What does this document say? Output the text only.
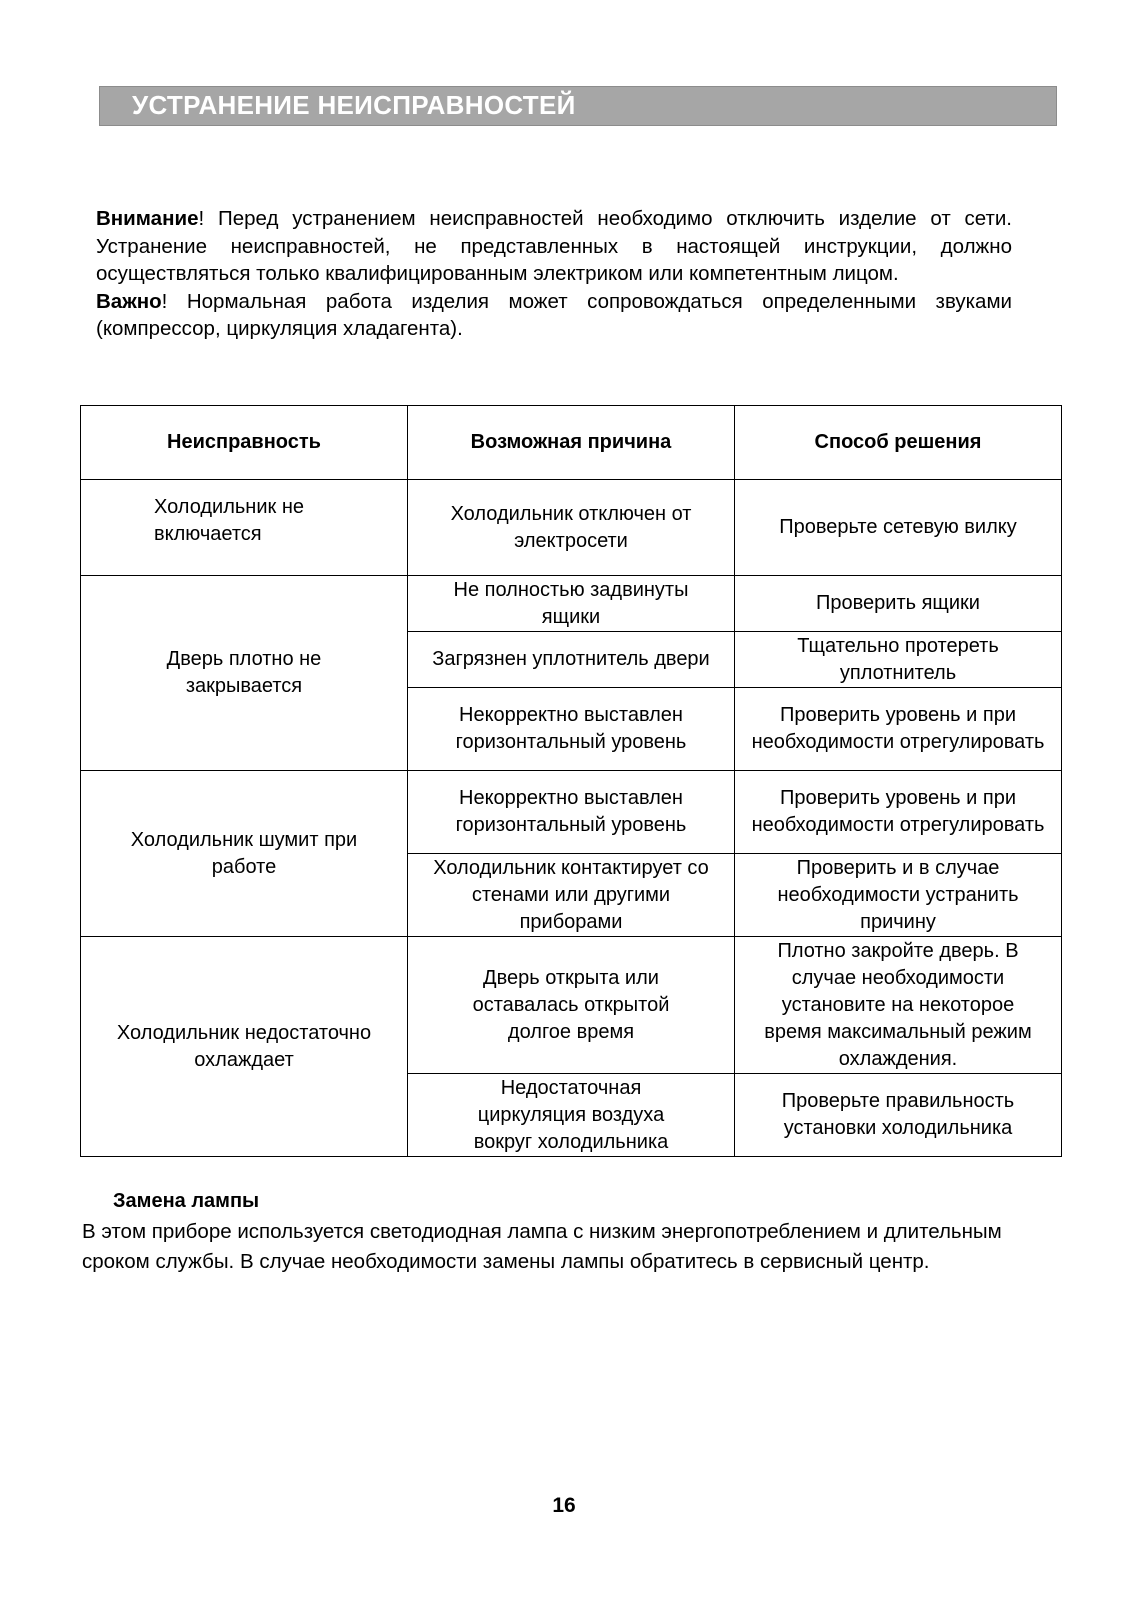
УСТРАНЕНИЕ НЕИСПРАВНОСТЕЙ

Внимание! Перед устранением неисправностей необходимо отключить изделие от сети. Устранение неисправностей, не представленных в настоящей инструкции, должно осуществляться только квалифицированным электриком или компетентным лицом.

Важно! Нормальная работа изделия может сопровождаться определенными звуками (компрессор, циркуляция хладагента).

Неисправность	Возможная причина	Способ решения
Холодильник не включается	Холодильник отключен от электросети	Проверьте сетевую вилку
Дверь плотно не закрывается	Не полностью задвинуты ящики	Проверить ящики
	Загрязнен уплотнитель двери	Тщательно протереть уплотнитель
	Некорректно выставлен горизонтальный уровень	Проверить уровень и при необходимости отрегулировать
Холодильник шумит при работе	Некорректно выставлен горизонтальный уровень	Проверить уровень и при необходимости отрегулировать
	Холодильник контактирует со стенами или другими приборами	Проверить и в случае необходимости устранить причину
Холодильник недостаточно охлаждает	Дверь открыта или оставалась открытой долгое время	Плотно закройте дверь. В случае необходимости установите на некоторое время максимальный режим охлаждения.
	Недостаточная циркуляция воздуха вокруг холодильника	Проверьте правильность установки холодильника
Замена лампы
В этом приборе используется светодиодная лампа с низким энергопотреблением и длительным сроком службы. В случае необходимости замены лампы обратитесь в сервисный центр.
16
